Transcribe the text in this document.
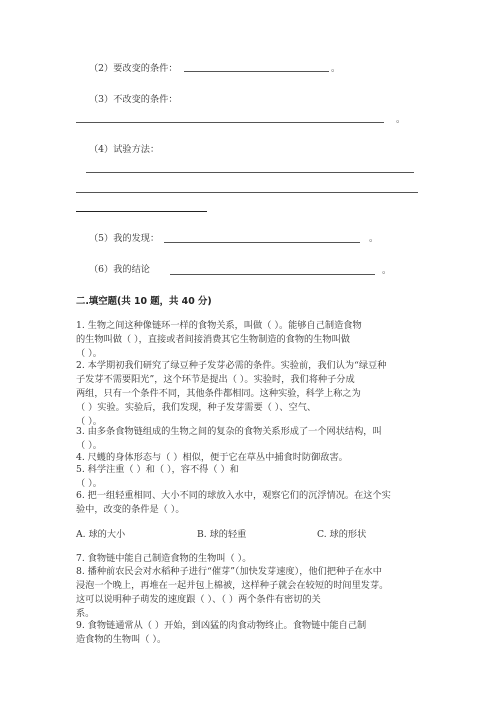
（2）要改变的条件：	。
（3）不改变的条件：
。
（4）试验方法：
（5）我的发现：	。
（6）我的结论	。
二.填空题(共 10 题，共 40 分)
1. 生物之间这种像链环一样的食物关系，叫做（ ）。能够自己制造食物
的生物叫做（ ），直接或者间接消费其它生物制造的食物的生物叫做
（ ）。
2. 本学期初我们研究了绿豆种子发芽必需的条件。实验前，我们认为“绿豆种
子发芽不需要阳光”，这个环节是提出（ ）。实验时，我们将种子分成
两组，只有一个条件不同，其他条件都相同。这种实验，科学上称之为
（ ）实验。实验后，我们发现，种子发芽需要（ ）、空气、
（ ）。
3. 由多条食物链组成的生物之间的复杂的食物关系形成了一个网状结构，叫
（ ）。
4. 尺蠖的身体形态与（ ）相似，便于它在草丛中捕食时防御敌害。
5. 科学注重（ ）和（ ），容不得（ ）和
（ ）。
6. 把一组轻重相同、大小不同的球放入水中，观察它们的沉浮情况。在这个实
验中，改变的条件是（ ）。
A. 球的大小	B. 球的轻重	C. 球的形状
7. 食物链中能自己制造食物的生物叫（ ）。
8. 播种前农民会对水稻种子进行“催芽”（加快发芽速度），他们把种子在水中
浸泡一个晚上，再堆在一起并包上棉被，这样种子就会在较短的时间里发芽。
这可以说明种子萌发的速度跟（ ）、（ ）两个条件有密切的关
系。
9. 食物链通常从（ ）开始，到凶猛的肉食动物终止。食物链中能自己制
造食物的生物叫（ ）。
